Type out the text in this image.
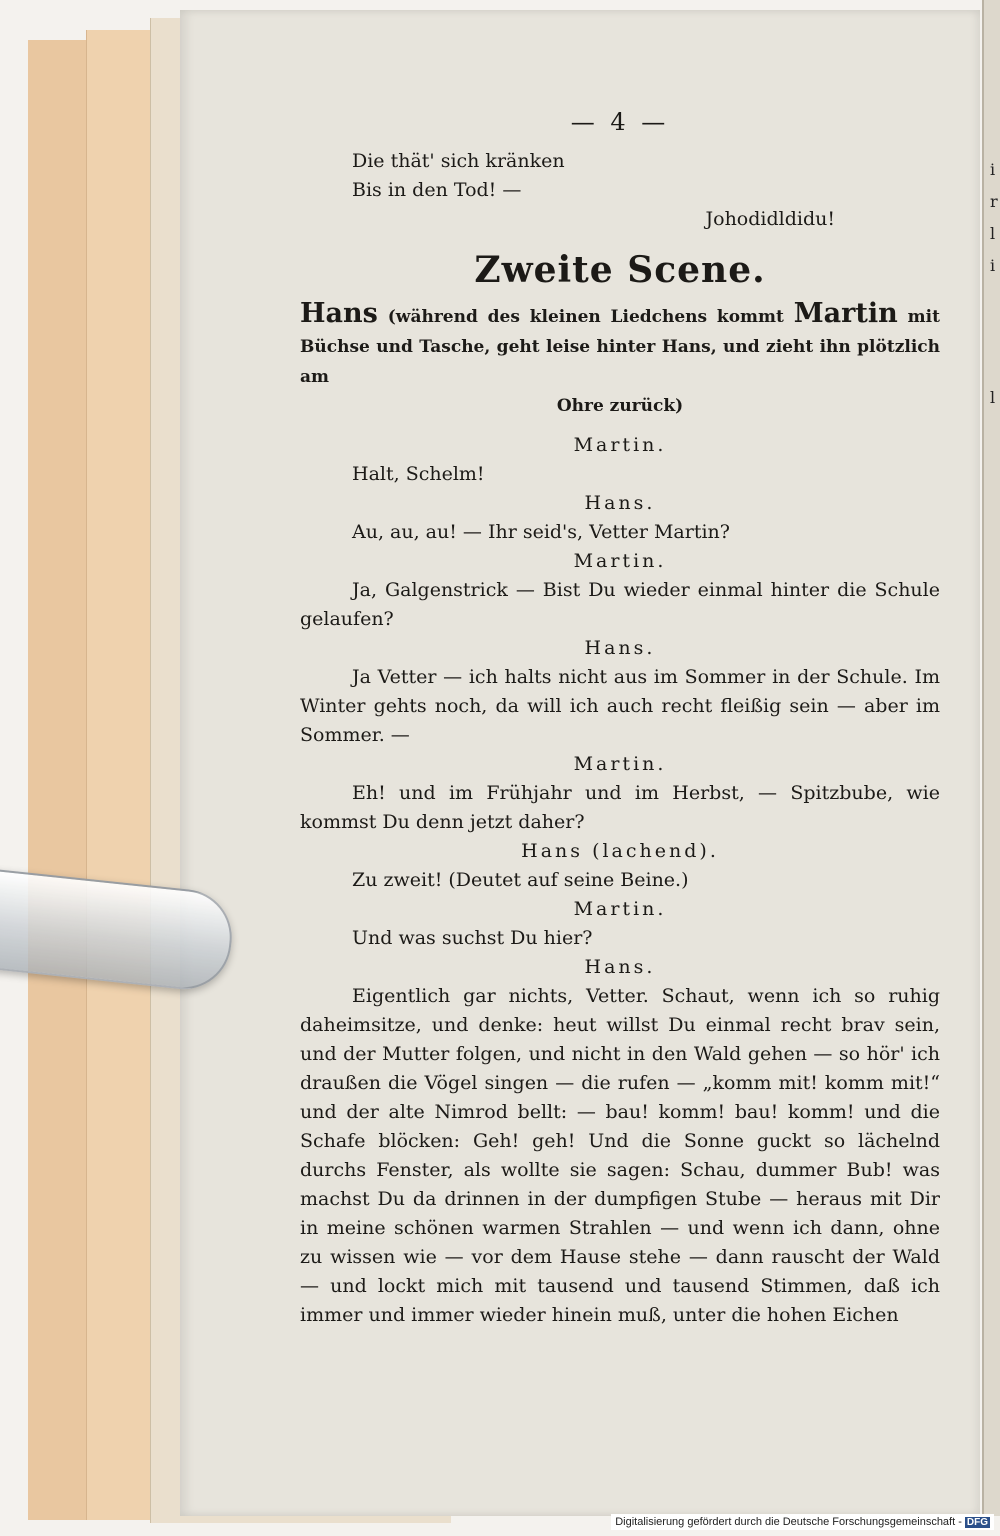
i
r
l
i
l
— 4 —
Die thät' sich kränken
Bis in den Tod! —
Johodidldidu!
Zweite Scene.
Hans (während des kleinen Liedchens kommt Martin mit Büchse und Tasche, geht leise hinter Hans, und zieht ihn plötzlich am
Ohre zurück)
Martin.
Halt, Schelm!
Hans.
Au, au, au! — Ihr seid's, Vetter Martin?
Martin.
Ja, Galgenstrick — Bist Du wieder einmal hinter die Schule gelaufen?
Hans.
Ja Vetter — ich halts nicht aus im Sommer in der Schule. Im Winter gehts noch, da will ich auch recht fleißig sein — aber im Sommer. —
Martin.
Eh! und im Frühjahr und im Herbst, — Spitzbube, wie kommst Du denn jetzt daher?
Hans (lachend).
Zu zweit! (Deutet auf seine Beine.)
Martin.
Und was suchst Du hier?
Hans.
Eigentlich gar nichts, Vetter. Schaut, wenn ich so ruhig daheimsitze, und denke: heut willst Du einmal recht brav sein, und der Mutter folgen, und nicht in den Wald gehen — so hör' ich draußen die Vögel singen — die rufen — „komm mit! komm mit!“ und der alte Nimrod bellt: — bau! komm! bau! komm! und die Schafe blöcken: Geh! geh! Und die Sonne guckt so lächelnd durchs Fenster, als wollte sie sagen: Schau, dummer Bub! was machst Du da drinnen in der dumpfigen Stube — heraus mit Dir in meine schönen warmen Strahlen — und wenn ich dann, ohne zu wissen wie — vor dem Hause stehe — dann rauscht der Wald — und lockt mich mit tausend und tausend Stimmen, daß ich immer und immer wieder hinein muß, unter die hohen Eichen
Digitalisierung gefördert durch die Deutsche Forschungsgemeinschaft - DFG
